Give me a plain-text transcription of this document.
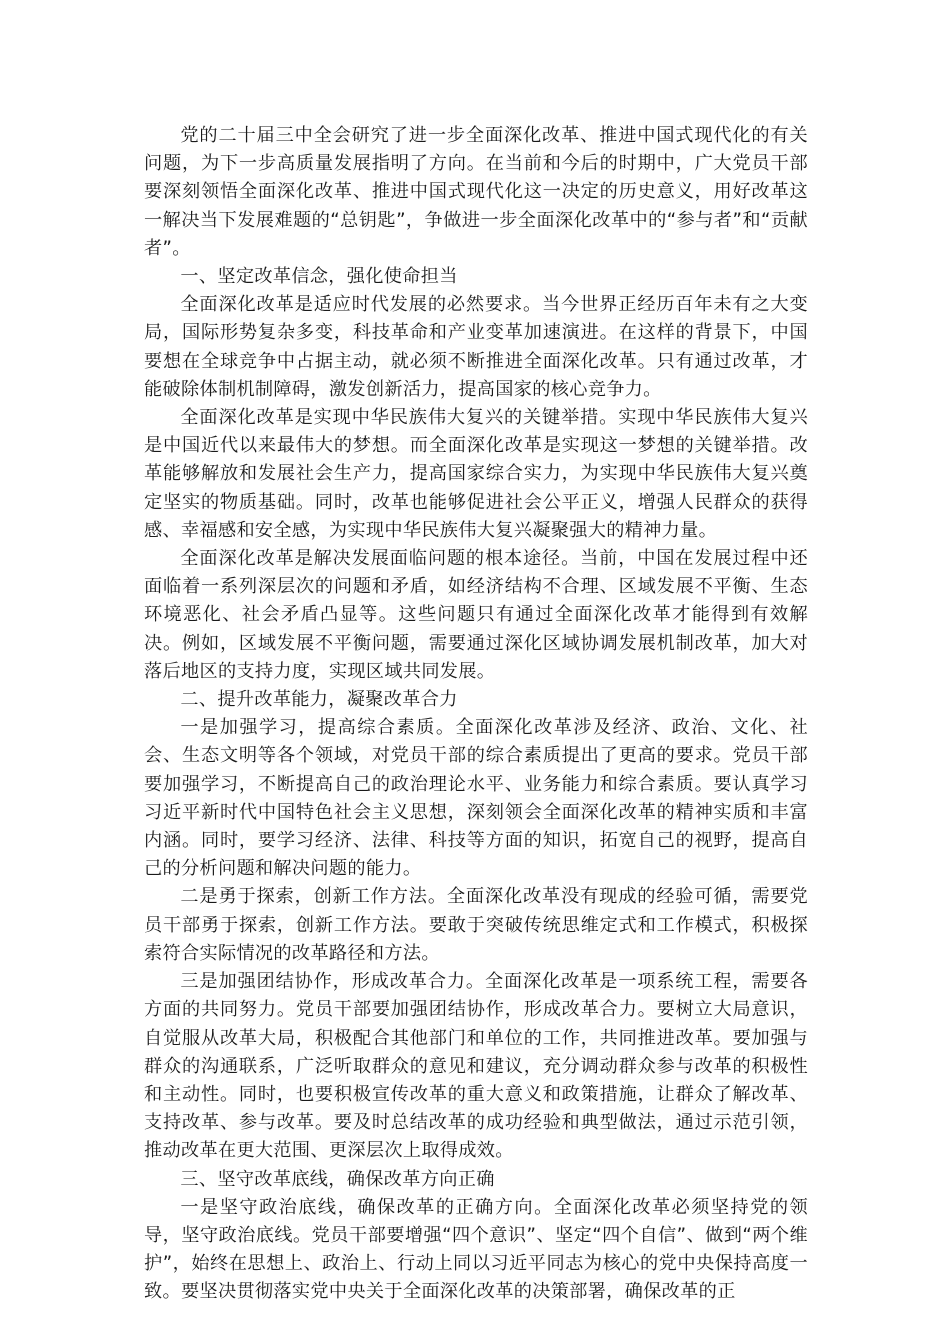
党的二十届三中全会研究了进一步全面深化改革、推进中国式现代化的有关问题，为下一步高质量发展指明了方向。在当前和今后的时期中，广大党员干部要深刻领悟全面深化改革、推进中国式现代化这一决定的历史意义，用好改革这一解决当下发展难题的“总钥匙”，争做进一步全面深化改革中的“参与者”和“贡献者”。

一、坚定改革信念，强化使命担当

全面深化改革是适应时代发展的必然要求。当今世界正经历百年未有之大变局，国际形势复杂多变，科技革命和产业变革加速演进。在这样的背景下，中国要想在全球竞争中占据主动，就必须不断推进全面深化改革。只有通过改革，才能破除体制机制障碍，激发创新活力，提高国家的核心竞争力。

全面深化改革是实现中华民族伟大复兴的关键举措。实现中华民族伟大复兴是中国近代以来最伟大的梦想。而全面深化改革是实现这一梦想的关键举措。改革能够解放和发展社会生产力，提高国家综合实力，为实现中华民族伟大复兴奠定坚实的物质基础。同时，改革也能够促进社会公平正义，增强人民群众的获得感、幸福感和安全感，为实现中华民族伟大复兴凝聚强大的精神力量。

全面深化改革是解决发展面临问题的根本途径。当前，中国在发展过程中还面临着一系列深层次的问题和矛盾，如经济结构不合理、区域发展不平衡、生态环境恶化、社会矛盾凸显等。这些问题只有通过全面深化改革才能得到有效解决。例如，区域发展不平衡问题，需要通过深化区域协调发展机制改革，加大对落后地区的支持力度，实现区域共同发展。

二、提升改革能力，凝聚改革合力

一是加强学习，提高综合素质。全面深化改革涉及经济、政治、文化、社会、生态文明等各个领域，对党员干部的综合素质提出了更高的要求。党员干部要加强学习，不断提高自己的政治理论水平、业务能力和综合素质。要认真学习习近平新时代中国特色社会主义思想，深刻领会全面深化改革的精神实质和丰富内涵。同时，要学习经济、法律、科技等方面的知识，拓宽自己的视野，提高自己的分析问题和解决问题的能力。

二是勇于探索，创新工作方法。全面深化改革没有现成的经验可循，需要党员干部勇于探索，创新工作方法。要敢于突破传统思维定式和工作模式，积极探索符合实际情况的改革路径和方法。

三是加强团结协作，形成改革合力。全面深化改革是一项系统工程，需要各方面的共同努力。党员干部要加强团结协作，形成改革合力。要树立大局意识，自觉服从改革大局，积极配合其他部门和单位的工作，共同推进改革。要加强与群众的沟通联系，广泛听取群众的意见和建议，充分调动群众参与改革的积极性和主动性。同时，也要积极宣传改革的重大意义和政策措施，让群众了解改革、支持改革、参与改革。要及时总结改革的成功经验和典型做法，通过示范引领，推动改革在更大范围、更深层次上取得成效。

三、坚守改革底线，确保改革方向正确

一是坚守政治底线，确保改革的正确方向。全面深化改革必须坚持党的领导，坚守政治底线。党员干部要增强“四个意识”、坚定“四个自信”、做到“两个维护”，始终在思想上、政治上、行动上同以习近平同志为核心的党中央保持高度一致。要坚决贯彻落实党中央关于全面深化改革的决策部署，确保改革的正
